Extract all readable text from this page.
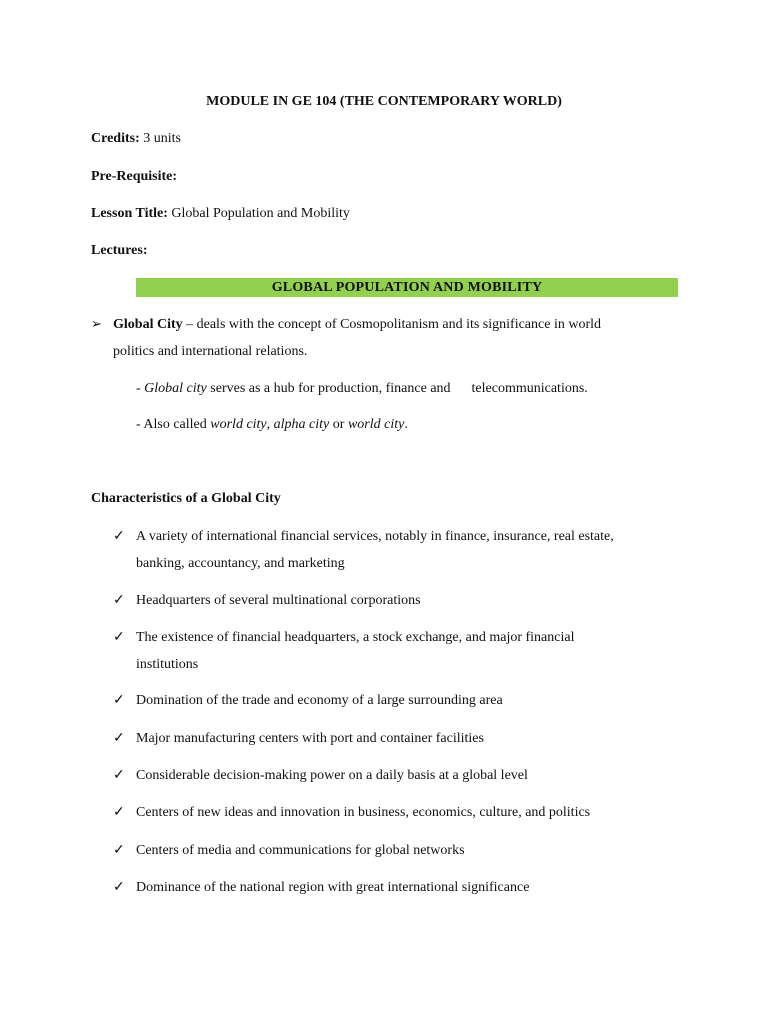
MODULE IN GE 104 (THE CONTEMPORARY WORLD)
Credits: 3 units
Pre-Requisite:
Lesson Title: Global Population and Mobility
Lectures:
GLOBAL POPULATION AND MOBILITY
➢ Global City – deals with the concept of Cosmopolitanism and its significance in world
politics and international relations.
- Global city serves as a hub for production, finance and      telecommunications.
- Also called world city, alpha city or world city.
Characteristics of a Global City
✓ A variety of international financial services, notably in finance, insurance, real estate,
banking, accountancy, and marketing
✓ Headquarters of several multinational corporations
✓ The existence of financial headquarters, a stock exchange, and major financial
institutions
✓ Domination of the trade and economy of a large surrounding area
✓ Major manufacturing centers with port and container facilities
✓ Considerable decision-making power on a daily basis at a global level
✓ Centers of new ideas and innovation in business, economics, culture, and politics
✓ Centers of media and communications for global networks
✓ Dominance of the national region with great international significance
